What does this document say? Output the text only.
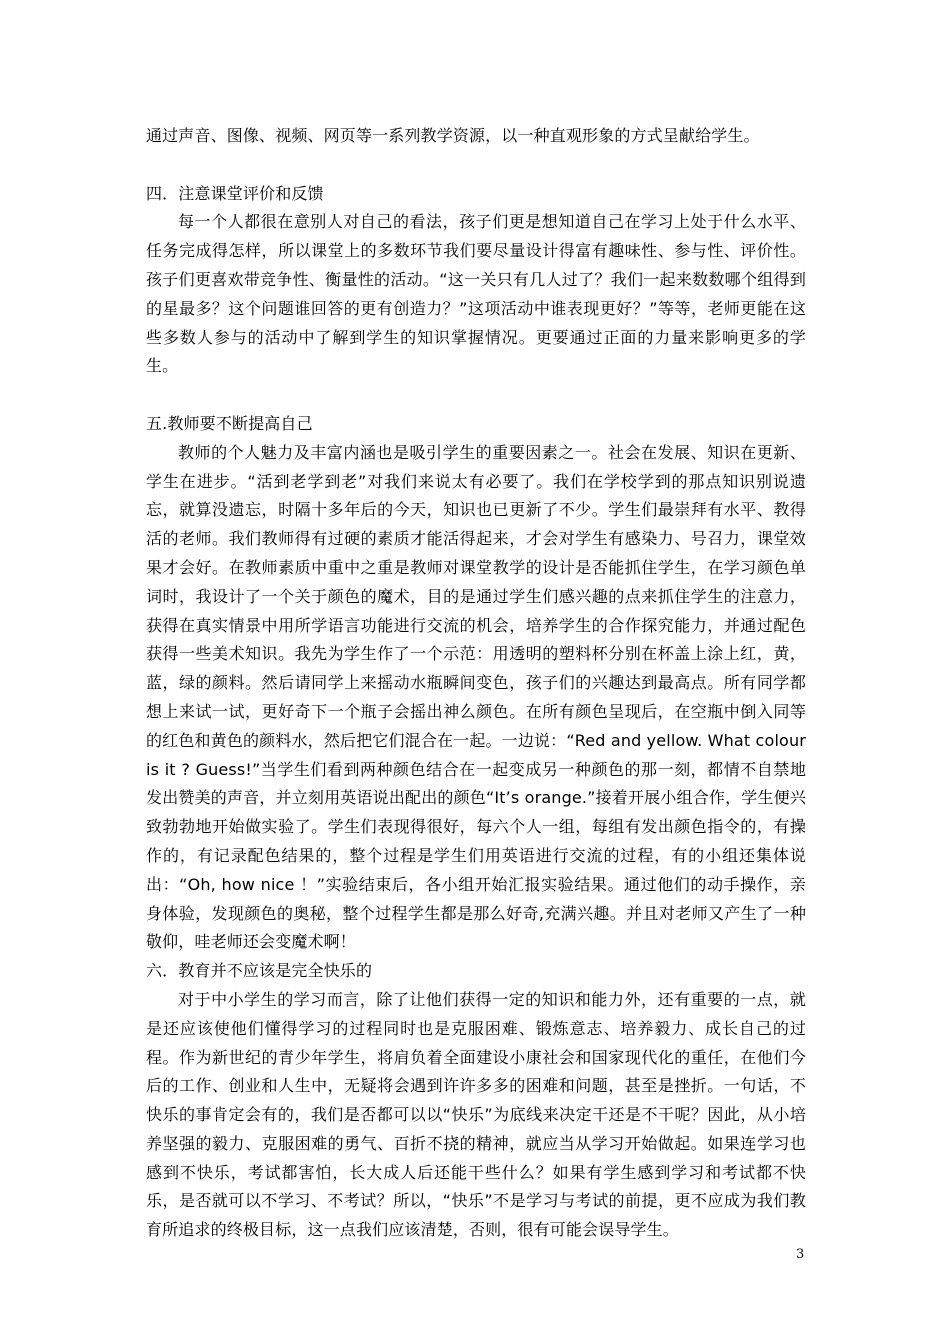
通过声音、图像、视频、网页等一系列教学资源，以一种直观形象的方式呈献给学生。

四．注意课堂评价和反馈

每一个人都很在意别人对自己的看法，孩子们更是想知道自己在学习上处于什么水平、任务完成得怎样，所以课堂上的多数环节我们要尽量设计得富有趣味性、参与性、评价性。孩子们更喜欢带竞争性、衡量性的活动。“这一关只有几人过了？我们一起来数数哪个组得到的星最多？这个问题谁回答的更有创造力？”这项活动中谁表现更好？”等等，老师更能在这些多数人参与的活动中了解到学生的知识掌握情况。更要通过正面的力量来影响更多的学生。

五.教师要不断提高自己

教师的个人魅力及丰富内涵也是吸引学生的重要因素之一。社会在发展、知识在更新、学生在进步。“活到老学到老”对我们来说太有必要了。我们在学校学到的那点知识别说遗忘，就算没遗忘，时隔十多年后的今天，知识也已更新了不少。学生们最崇拜有水平、教得活的老师。我们教师得有过硬的素质才能活得起来，才会对学生有感染力、号召力，课堂效果才会好。在教师素质中重中之重是教师对课堂教学的设计是否能抓住学生，在学习颜色单词时，我设计了一个关于颜色的魔术，目的是通过学生们感兴趣的点来抓住学生的注意力，获得在真实情景中用所学语言功能进行交流的机会，培养学生的合作探究能力，并通过配色获得一些美术知识。我先为学生作了一个示范：用透明的塑料杯分别在杯盖上涂上红，黄，蓝，绿的颜料。然后请同学上来摇动水瓶瞬间变色，孩子们的兴趣达到最高点。所有同学都想上来试一试，更好奇下一个瓶子会摇出神么颜色。在所有颜色呈现后，在空瓶中倒入同等的红色和黄色的颜料水，然后把它们混合在一起。一边说：“Red and yellow. What colour is it ? Guess!”当学生们看到两种颜色结合在一起变成另一种颜色的那一刻，都情不自禁地发出赞美的声音，并立刻用英语说出配出的颜色“It’s orange.”接着开展小组合作，学生便兴致勃勃地开始做实验了。学生们表现得很好，每六个人一组，每组有发出颜色指令的，有操作的，有记录配色结果的，整个过程是学生们用英语进行交流的过程，有的小组还集体说出：“Oh, how nice ！”实验结束后，各小组开始汇报实验结果。通过他们的动手操作，亲身体验，发现颜色的奥秘，整个过程学生都是那么好奇,充满兴趣。并且对老师又产生了一种敬仰，哇老师还会变魔术啊！

六．教育并不应该是完全快乐的

对于中小学生的学习而言，除了让他们获得一定的知识和能力外，还有重要的一点，就是还应该使他们懂得学习的过程同时也是克服困难、锻炼意志、培养毅力、成长自己的过程。作为新世纪的青少年学生，将肩负着全面建设小康社会和国家现代化的重任，在他们今后的工作、创业和人生中，无疑将会遇到许许多多的困难和问题，甚至是挫折。一句话，不快乐的事肯定会有的，我们是否都可以以“快乐”为底线来决定干还是不干呢？因此，从小培养坚强的毅力、克服困难的勇气、百折不挠的精神，就应当从学习开始做起。如果连学习也感到不快乐，考试都害怕，长大成人后还能干些什么？如果有学生感到学习和考试都不快乐，是否就可以不学习、不考试？所以，“快乐”不是学习与考试的前提，更不应成为我们教育所追求的终极目标，这一点我们应该清楚，否则，很有可能会误导学生。

3
